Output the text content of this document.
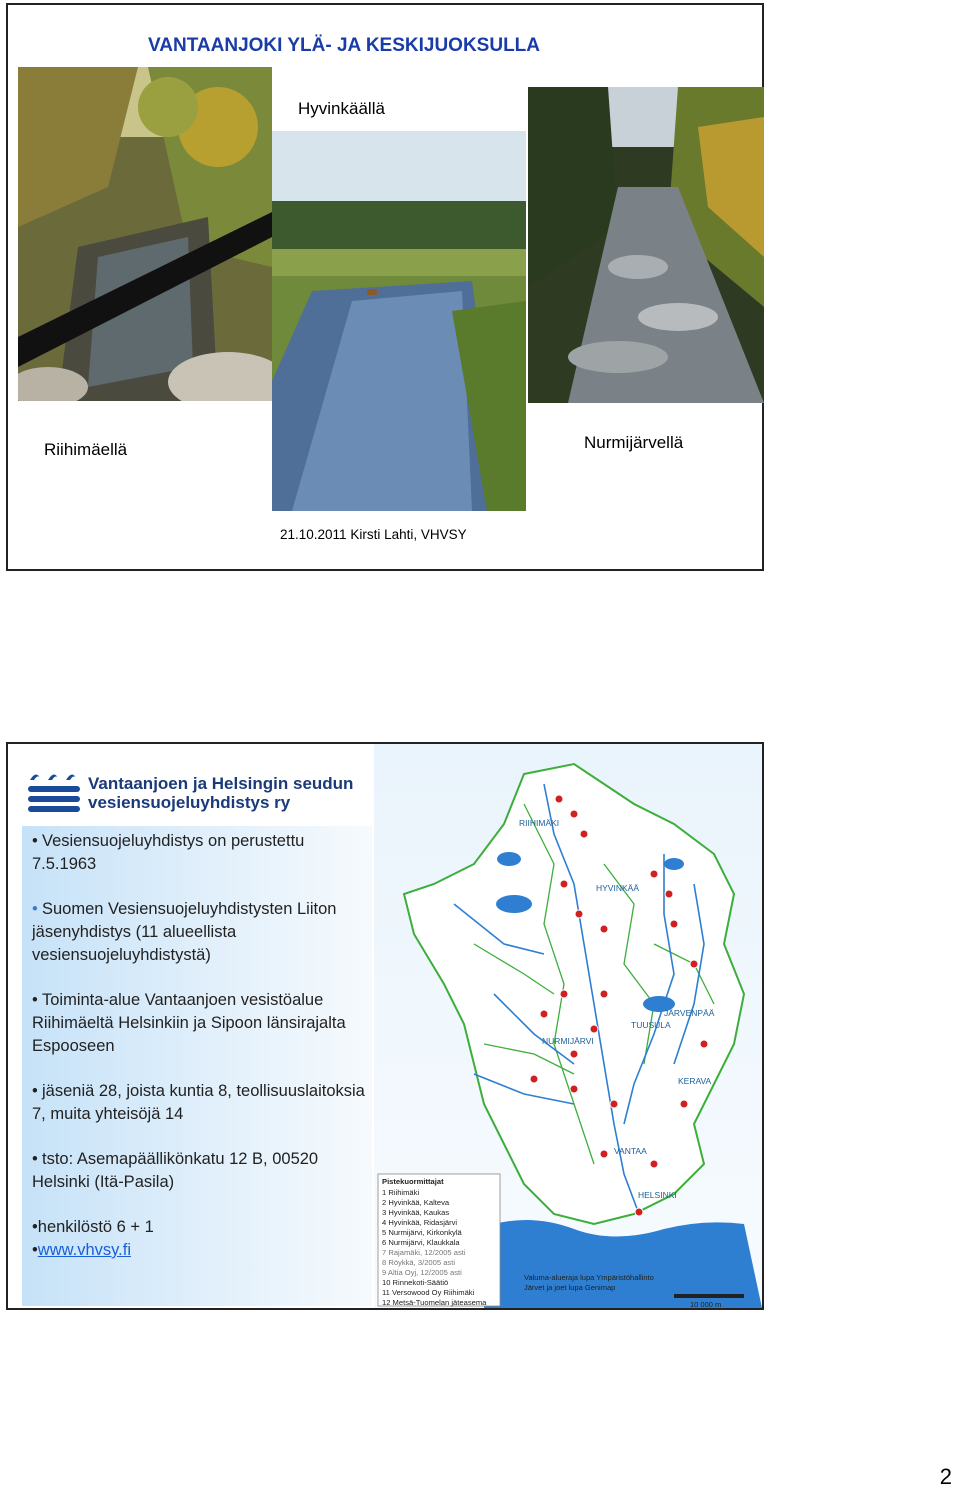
VANTAANJOKI YLÄ- JA KESKIJUOKSULLA
Hyvinkäällä
Riihimäellä	Nurmijärvellä
21.10.2011 Kirsti Lahti, VHVSY
Vantaanjoen ja Helsingin seudun
vesiensuojeluyhdistys ry
• Vesiensuojeluyhdistys on perustettu 7.5.1963
• Suomen Vesiensuojeluyhdistysten Liiton jäsenyhdistys (11 alueellista vesiensuojeluyhdistystä)
• Toiminta-alue Vantaanjoen vesistöalue Riihimäeltä Helsinkiin ja Sipoon länsirajalta Espooseen
• jäseniä 28, joista kuntia 8, teollisuuslaitoksia 7, muita yhteisöjä 14
• tsto: Asemapäällikönkatu 12 B, 00520 Helsinki (Itä-Pasila)
•henkilöstö 6 + 1
•www.vhvsy.fi
RIIHIMÄKI
HYVINKÄÄ
JÄRVENPÄÄ
TUUSULA
NURMIJÄRVI
KERAVA
VANTAA
HELSINKI
Pistekuormittajat
1 Riihimäki
2 Hyvinkää, Kalteva
3 Hyvinkää, Kaukas
4 Hyvinkää, Ridasjärvi
5 Nurmijärvi, Kirkonkylä
6 Nurmijärvi, Klaukkala
7 Rajamäki, 12/2005 asti
8 Röykkä, 3/2005 asti
9 Altia Oyj, 12/2005 asti
10 Rinnekoti-Säätiö
11 Versowood Oy Riihimäki
12 Metsä-Tuomelan jäteasema
Valuma-alueraja lupa Ympäristöhallinto
Järvet ja joet lupa Genimap
10 000 m
2
